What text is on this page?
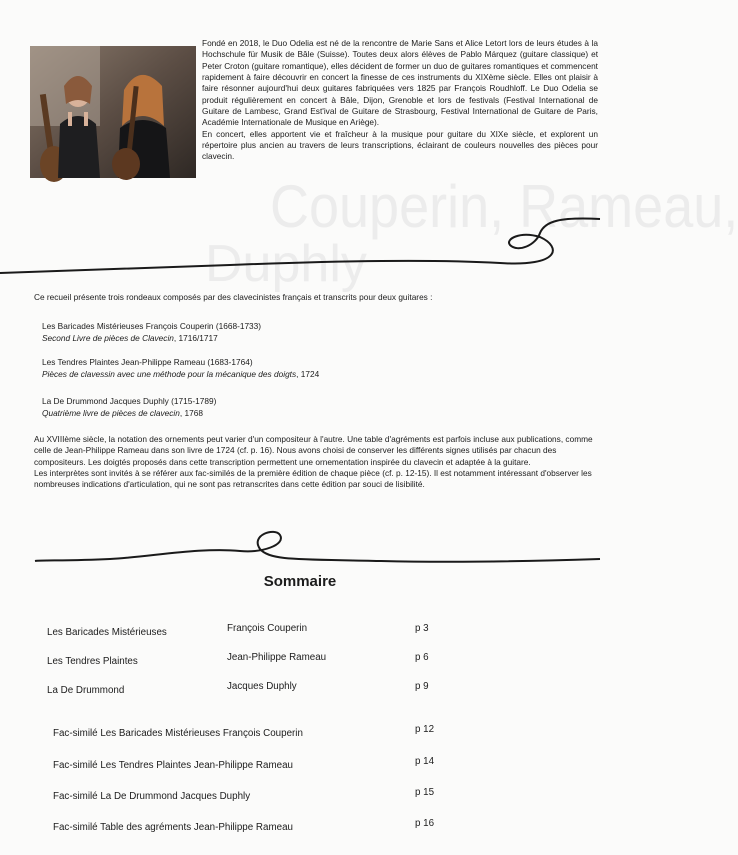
Couperin, Rameau,
Duphly

Fondé en 2018, le Duo Odelia est né de la rencontre de Marie Sans et Alice Letort lors de leurs études à la Hochschule für Musik de Bâle (Suisse). Toutes deux alors élèves de Pablo Márquez (guitare classique) et Peter Croton (guitare romantique), elles décident de former un duo de guitares romantiques et commencent rapidement à faire découvrir en concert la finesse de ces instruments du XIXème siècle. Elles ont plaisir à faire résonner aujourd'hui deux guitares fabriquées vers 1825 par François Roudhloff. Le Duo Odelia se produit régulièrement en concert à Bâle, Dijon, Grenoble et lors de festivals (Festival International de Guitare de Lambesc, Grand Est'ival de Guitare de Strasbourg, Festival International de Guitare de Paris, Académie Internationale de Musique en Ariège).

En concert, elles apportent vie et fraîcheur à la musique pour guitare du XIXe siècle, et explorent un répertoire plus ancien au travers de leurs transcriptions, éclairant de couleurs nouvelles des pièces pour clavecin.

Ce recueil présente trois rondeaux composés par des clavecinistes français et transcrits pour deux guitares :

Les Baricades Mistérieuses François Couperin (1668-1733)
Second Livre de pièces de Clavecin, 1716/1717
Les Tendres Plaintes Jean-Philippe Rameau (1683-1764)
Pièces de clavessin avec une méthode pour la mécanique des doigts, 1724
La De Drummond Jacques Duphly (1715-1789)
Quatrième livre de pièces de clavecin, 1768

Au XVIIIème siècle, la notation des ornements peut varier d'un compositeur à l'autre. Une table d'agréments est parfois incluse aux publications, comme celle de Jean-Philippe Rameau dans son livre de 1724 (cf. p. 16). Nous avons choisi de conserver les différents signes utilisés par chacun des compositeurs. Les doigtés proposés dans cette transcription permettent une ornementation inspirée du clavecin et adaptée à la guitare.

Les interprètes sont invités à se référer aux fac-similés de la première édition de chaque pièce (cf. p. 12-15). Il est notamment intéressant d'observer les nombreuses indications d'articulation, qui ne sont pas retranscrites dans cette édition par souci de lisibilité.

Sommaire
Les Baricades Mistérieuses	François Couperin	p 3
Les Tendres Plaintes	Jean-Philippe Rameau	p 6
La De Drummond	Jacques Duphly	p 9
Fac-similé Les Baricades Mistérieuses François Couperin	p 12
Fac-similé Les Tendres Plaintes Jean-Philippe Rameau	p 14
Fac-similé La De Drummond Jacques Duphly	p 15
Fac-similé Table des agréments Jean-Philippe Rameau	p 16
